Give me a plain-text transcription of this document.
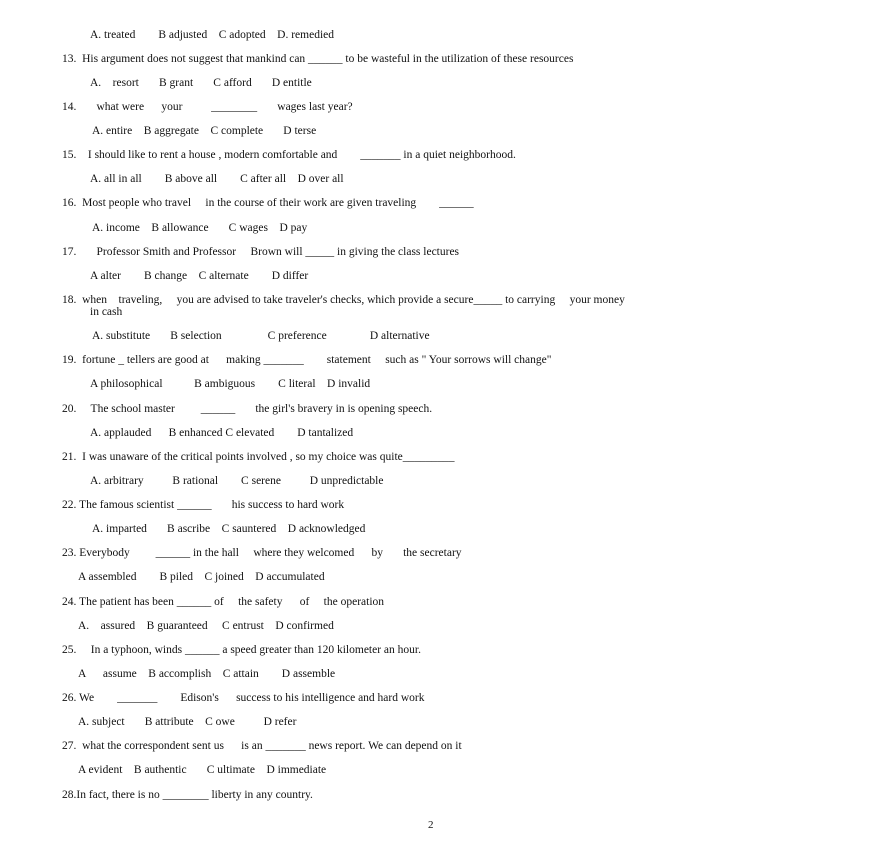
A. treated        B adjusted    C adopted    D. remedied
13.  His argument does not suggest that mankind can ______ to be wasteful in the utilization of these resources
A.    resort       B grant       C afford       D entitle
14.       what were      your          ________       wages last year?
A. entire    B aggregate    C complete       D terse
15.    I should like to rent a house , modern comfortable and        _______ in a quiet neighborhood.
A. all in all        B above all        C after all    D over all
16.  Most people who travel     in the course of their work are given traveling        ______
A. income    B allowance       C wages    D pay
17.       Professor Smith and Professor     Brown will _____ in giving the class lectures
A alter        B change    C alternate        D differ
18.  when    traveling,     you are advised to take traveler's checks, which provide a secure_____ to carrying     your money
in cash
A. substitute       B selection                C preference               D alternative
19.  fortune _ tellers are good at      making _______        statement     such as " Your sorrows will change"
A philosophical           B ambiguous        C literal    D invalid
20.     The school master         ______       the girl's bravery in is opening speech.
A. applauded      B enhanced C elevated        D tantalized
21.  I was unaware of the critical points involved , so my choice was quite_________
A. arbitrary          B rational        C serene          D unpredictable
22. The famous scientist ______       his success to hard work
A. imparted       B ascribe    C sauntered    D acknowledged
23. Everybody         ______ in the hall     where they welcomed      by       the secretary
A assembled        B piled    C joined    D accumulated
24. The patient has been ______ of     the safety      of     the operation
A.    assured    B guaranteed     C entrust    D confirmed
25.     In a typhoon, winds ______ a speed greater than 120 kilometer an hour.
A      assume    B accomplish    C attain        D assemble
26. We        _______        Edison's      success to his intelligence and hard work
A. subject       B attribute    C owe          D refer
27.  what the correspondent sent us      is an _______ news report. We can depend on it
A evident    B authentic       C ultimate    D immediate
28.In fact, there is no ________ liberty in any country.
2
